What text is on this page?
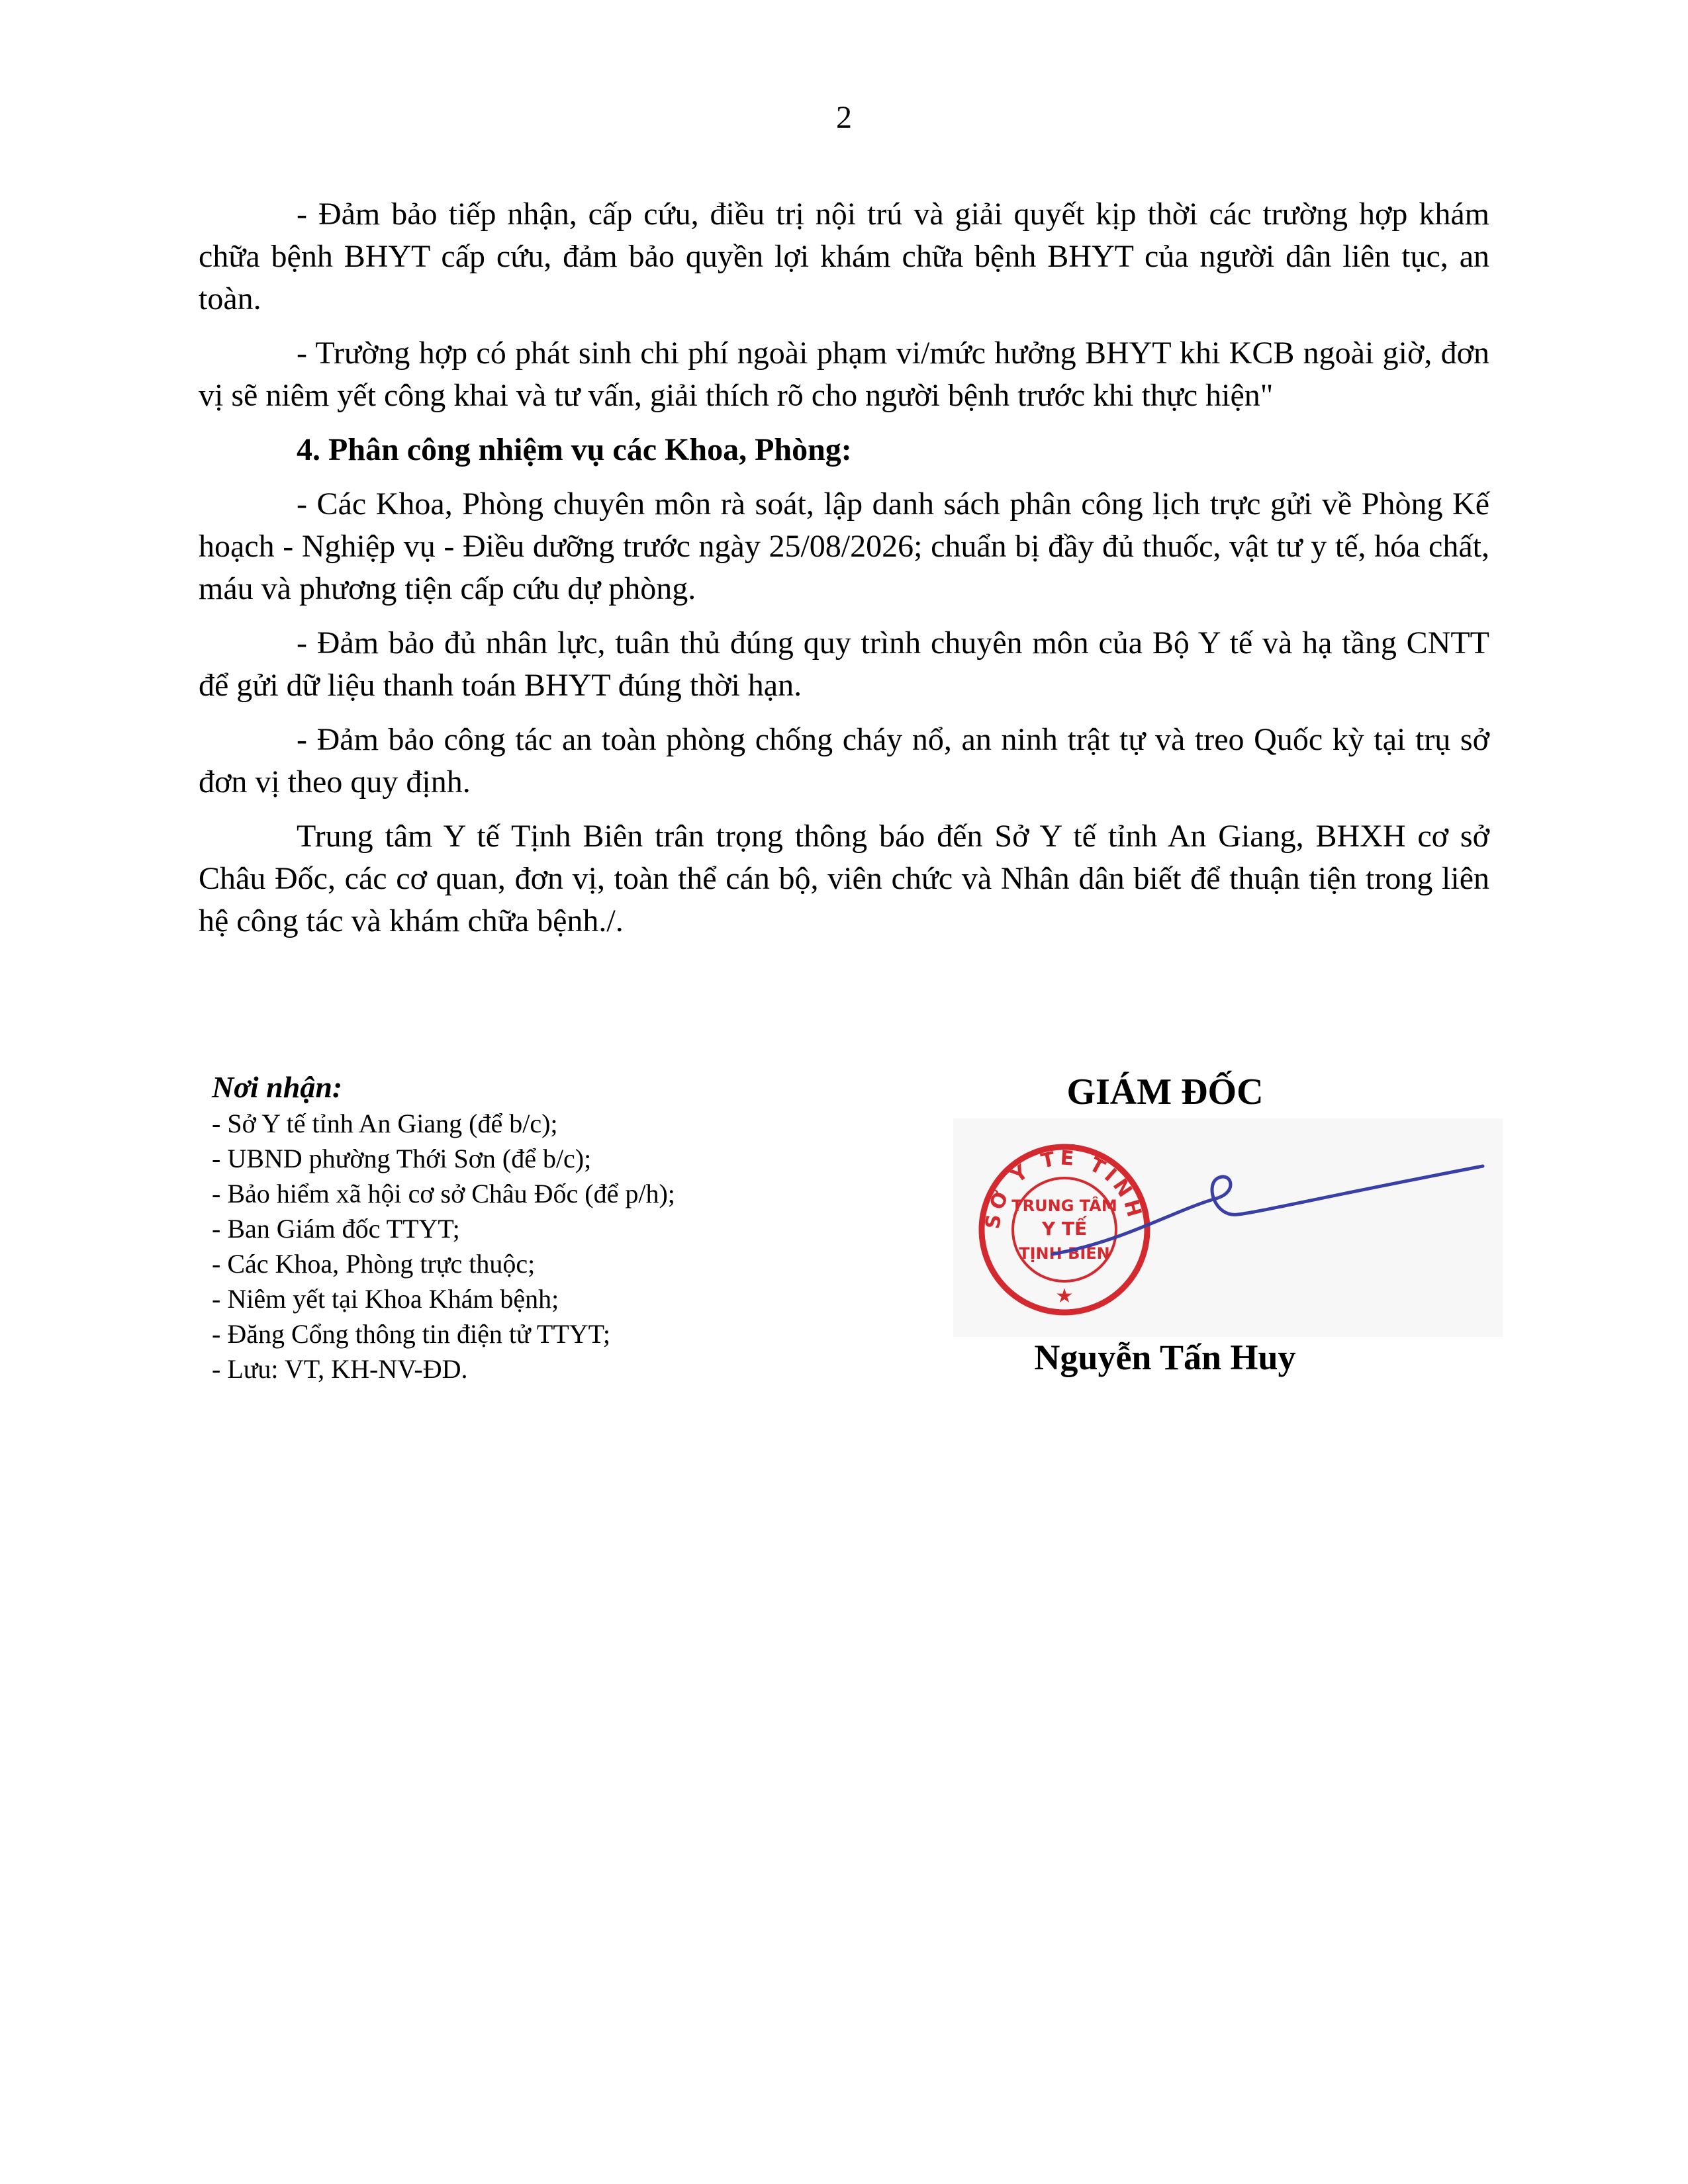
2

- Đảm bảo tiếp nhận, cấp cứu, điều trị nội trú và giải quyết kịp thời các trường hợp khám chữa bệnh BHYT cấp cứu, đảm bảo quyền lợi khám chữa bệnh BHYT của người dân liên tục, an toàn.

- Trường hợp có phát sinh chi phí ngoài phạm vi/mức hưởng BHYT khi KCB ngoài giờ, đơn vị sẽ niêm yết công khai và tư vấn, giải thích rõ cho người bệnh trước khi thực hiện"

4. Phân công nhiệm vụ các Khoa, Phòng:

- Các Khoa, Phòng chuyên môn rà soát, lập danh sách phân công lịch trực gửi về Phòng Kế hoạch - Nghiệp vụ - Điều dưỡng trước ngày 25/08/2026; chuẩn bị đầy đủ thuốc, vật tư y tế, hóa chất, máu và phương tiện cấp cứu dự phòng.

- Đảm bảo đủ nhân lực, tuân thủ đúng quy trình chuyên môn của Bộ Y tế và hạ tầng CNTT để gửi dữ liệu thanh toán BHYT đúng thời hạn.

- Đảm bảo công tác an toàn phòng chống cháy nổ, an ninh trật tự và treo Quốc kỳ tại trụ sở đơn vị theo quy định.

Trung tâm Y tế Tịnh Biên trân trọng thông báo đến Sở Y tế tỉnh An Giang, BHXH cơ sở Châu Đốc, các cơ quan, đơn vị, toàn thể cán bộ, viên chức và Nhân dân biết để thuận tiện trong liên hệ công tác và khám chữa bệnh./.

Nơi nhận:
- Sở Y tế tỉnh An Giang (để b/c);
- UBND phường Thới Sơn (để b/c);
- Bảo hiểm xã hội cơ sở Châu Đốc (để p/h);
- Ban Giám đốc TTYT;
- Các Khoa, Phòng trực thuộc;
- Niêm yết tại Khoa Khám bệnh;
- Đăng Cổng thông tin điện tử TTYT;
- Lưu: VT, KH-NV-ĐD.
GIÁM ĐỐC
SỞ Y TẾ TỈNH
TRUNG TÂM
Y TẾ
TỊNH BIÊN
★
Nguyễn Tấn Huy
